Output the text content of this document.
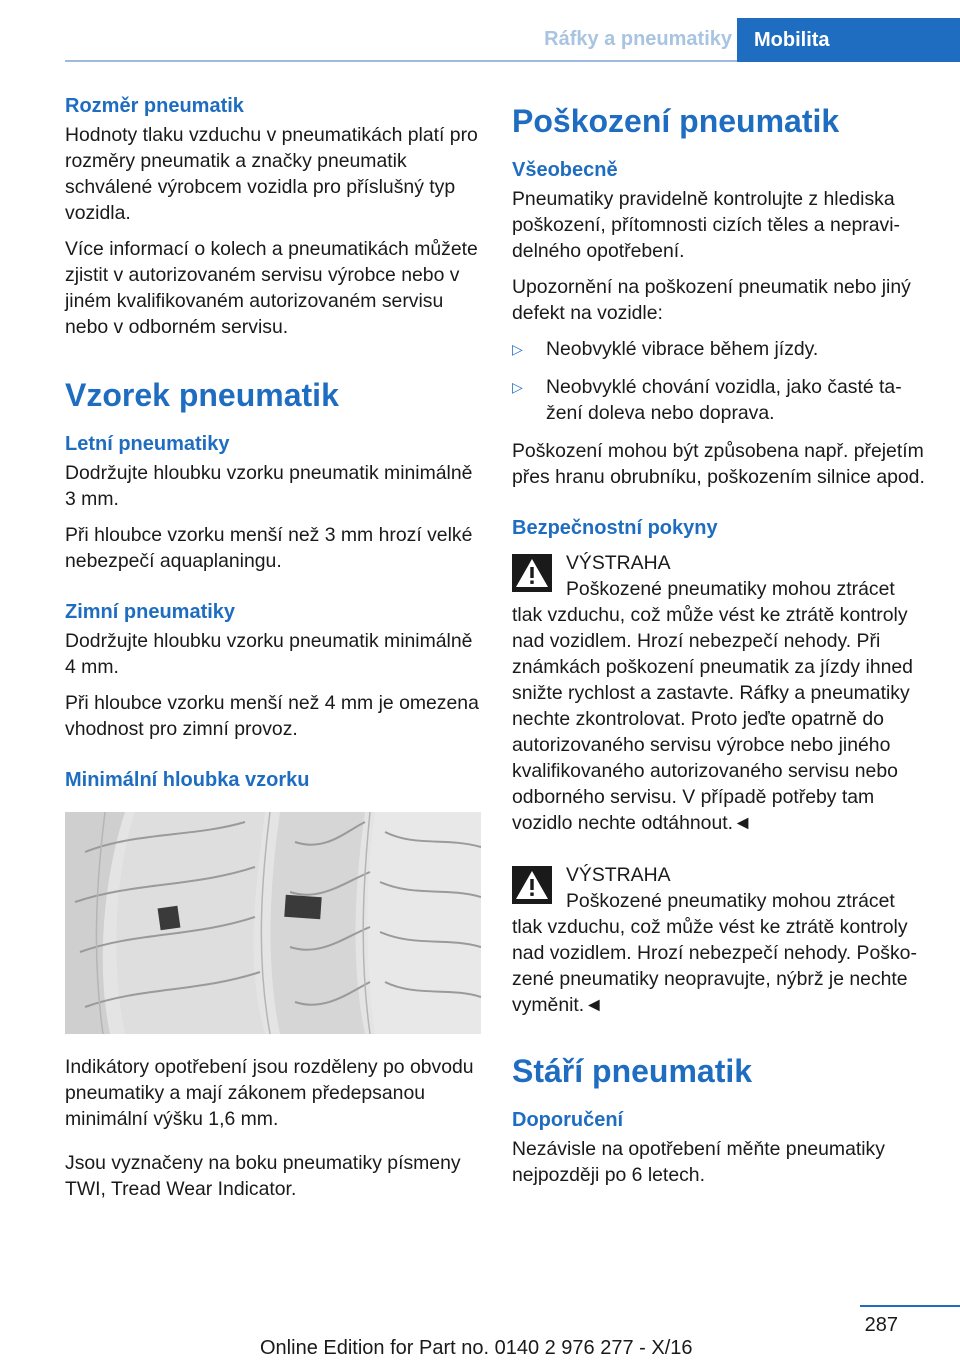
Ráfky a pneumatiky	Mobilita
Rozměr pneumatik

Hodnoty tlaku vzduchu v pneumatikách platí pro rozměry pneumatik a značky pneumatik schválené výrobcem vozidla pro příslušný typ vozidla.

Více informací o kolech a pneumatikách můžete zjistit v autorizovaném servisu výrobce nebo v jiném kvalifikovaném autorizovaném servisu nebo v odborném servisu.

Vzorek pneumatik
Letní pneumatiky

Dodržujte hloubku vzorku pneumatik minimálně 3 mm.

Při hloubce vzorku menší než 3 mm hrozí velké nebezpečí aquaplaningu.

Zimní pneumatiky

Dodržujte hloubku vzorku pneumatik minimálně 4 mm.

Při hloubce vzorku menší než 4 mm je omezena vhodnost pro zimní provoz.

Minimální hloubka vzorku

Indikátory opotřebení jsou rozděleny po obvodu pneumatiky a mají zákonem předepsanou minimální výšku 1,6 mm.

Jsou vyznačeny na boku pneumatiky písmeny TWI, Tread Wear Indicator.

Poškození pneumatik
Všeobecně

Pneumatiky pravidelně kontrolujte z hlediska poškození, přítomnosti cizích těles a nepravidelného opotřebení.

Upozornění na poškození pneumatik nebo jiný defekt na vozidle:

▷ Neobvyklé vibrace během jízdy.
▷ Neobvyklé chování vozidla, jako časté tažení doleva nebo doprava.

Poškození mohou být způsobena např. přejetím přes hranu obrubníku, poškozením silnice apod.

Bezpečnostní pokyny
VÝSTRAHA

Poškozené pneumatiky mohou ztrácet tlak vzduchu, což může vést ke ztrátě kontroly nad vozidlem. Hrozí nebezpečí nehody. Při známkách poškození pneumatik za jízdy ihned snižte rychlost a zastavte. Ráfky a pneumatiky nechte zkontrolovat. Proto jeďte opatrně do autorizovaného servisu výrobce nebo jiného kvalifikovaného autorizovaného servisu nebo odborného servisu. V případě potřeby tam vozidlo nechte odtáhnout.◄

VÝSTRAHA

Poškozené pneumatiky mohou ztrácet tlak vzduchu, což může vést ke ztrátě kontroly nad vozidlem. Hrozí nebezpečí nehody. Poškozené pneumatiky neopravujte, nýbrž je nechte vyměnit.◄

Stáří pneumatik
Doporučení

Nezávisle na opotřebení měňte pneumatiky nejpozději po 6 letech.

287
Online Edition for Part no. 0140 2 976 277 - X/16
